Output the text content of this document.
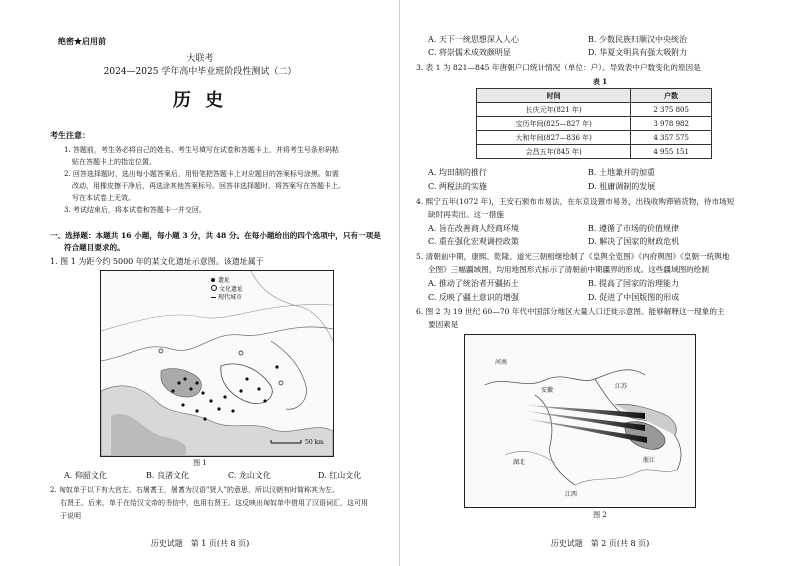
绝密★启用前
大联考
2024—2025 学年高中毕业班阶段性测试（二）
历 史
考生注意：
1. 答题前，考生务必将自己的姓名、考生号填写在试卷和答题卡上，并将考生号条形码粘
贴在答题卡上的指定位置。
2. 回答选择题时，选出每小题答案后，用铅笔把答题卡上对应题目的答案标号涂黑。如需
改动，用橡皮擦干净后，再选涂其他答案标号。回答非选择题时，将答案写在答题卡上。
写在本试卷上无效。
3. 考试结束后，将本试卷和答题卡一并交回。
一、选择题：本题共 16 小题，每小题 3 分，共 48 分。在每小题给出的四个选项中，只有一项是
符合题目要求的。
1. 图 1 为距今约 5000 年的某文化遗址示意图。该遗址属于
遗址
文化遗址
现代城市
50 km
图 1
A. 仰韶文化	B. 良渚文化	C. 龙山文化	D. 红山文化
2. 匈奴单于以下有大官左、右屠耆王，屠耆为汉语“贤人”的意思，所以汉朝有时简称其为左、
右贤王。后来，单于在给汉文帝的书信中，也用右贤王。这反映出匈奴单中借用了汉语词汇，这可用
于说明
历史试题　第 1 页(共 8 页)
A. 天下一统思想深入人心	B. 少数民族归顺汉中央统治
C. 将崇儒术成效颇明显	D. 华夏文明具有强大吸附力
3. 表 1 为 821—845 年唐朝户口统计情况（单位：户）。导致表中户数变化的原因是
表 1
时间	户数
长庆元年(821 年)	2 375 805
宝历年间(825—827 年)	3 978 982
大和年间(827—836 年)	4 357 575
会昌五年(845 年)	4 955 151
A. 均田制的推行	B. 土地兼并的加重
C. 两税法的实施	D. 租庸调制的发展
4. 熙宁五年(1072 年)，王安石颁布市易法，在东京设置市易务，出钱收购滞销货物，待市场短
缺时再卖出。这一措施
A. 旨在改善商人经商环境	B. 遵循了市场的价值规律
C. 重在强化宏观调控政策	D. 解决了国家的财政危机
5. 清朝前中期，康熙、乾隆、道光三朝相继绘制了《皇舆全览图》《内府舆图》《皇朝一统舆地
全图》三幅疆域图，均用地图形式标示了清朝前中期疆界的形成。这些疆域图的绘制
A. 推动了统治者开疆拓土	B. 提高了国家的治理能力
C. 反映了疆土意识的增强	D. 促进了中国版图的形成
6. 图 2 为 19 世纪 60—70 年代中国部分地区大量人口迁徙示意图。能够解释这一现象的主
要因素是
河南
安徽
江苏
湖北	浙江
江西
图 2
历史试题　第 2 页(共 8 页)
